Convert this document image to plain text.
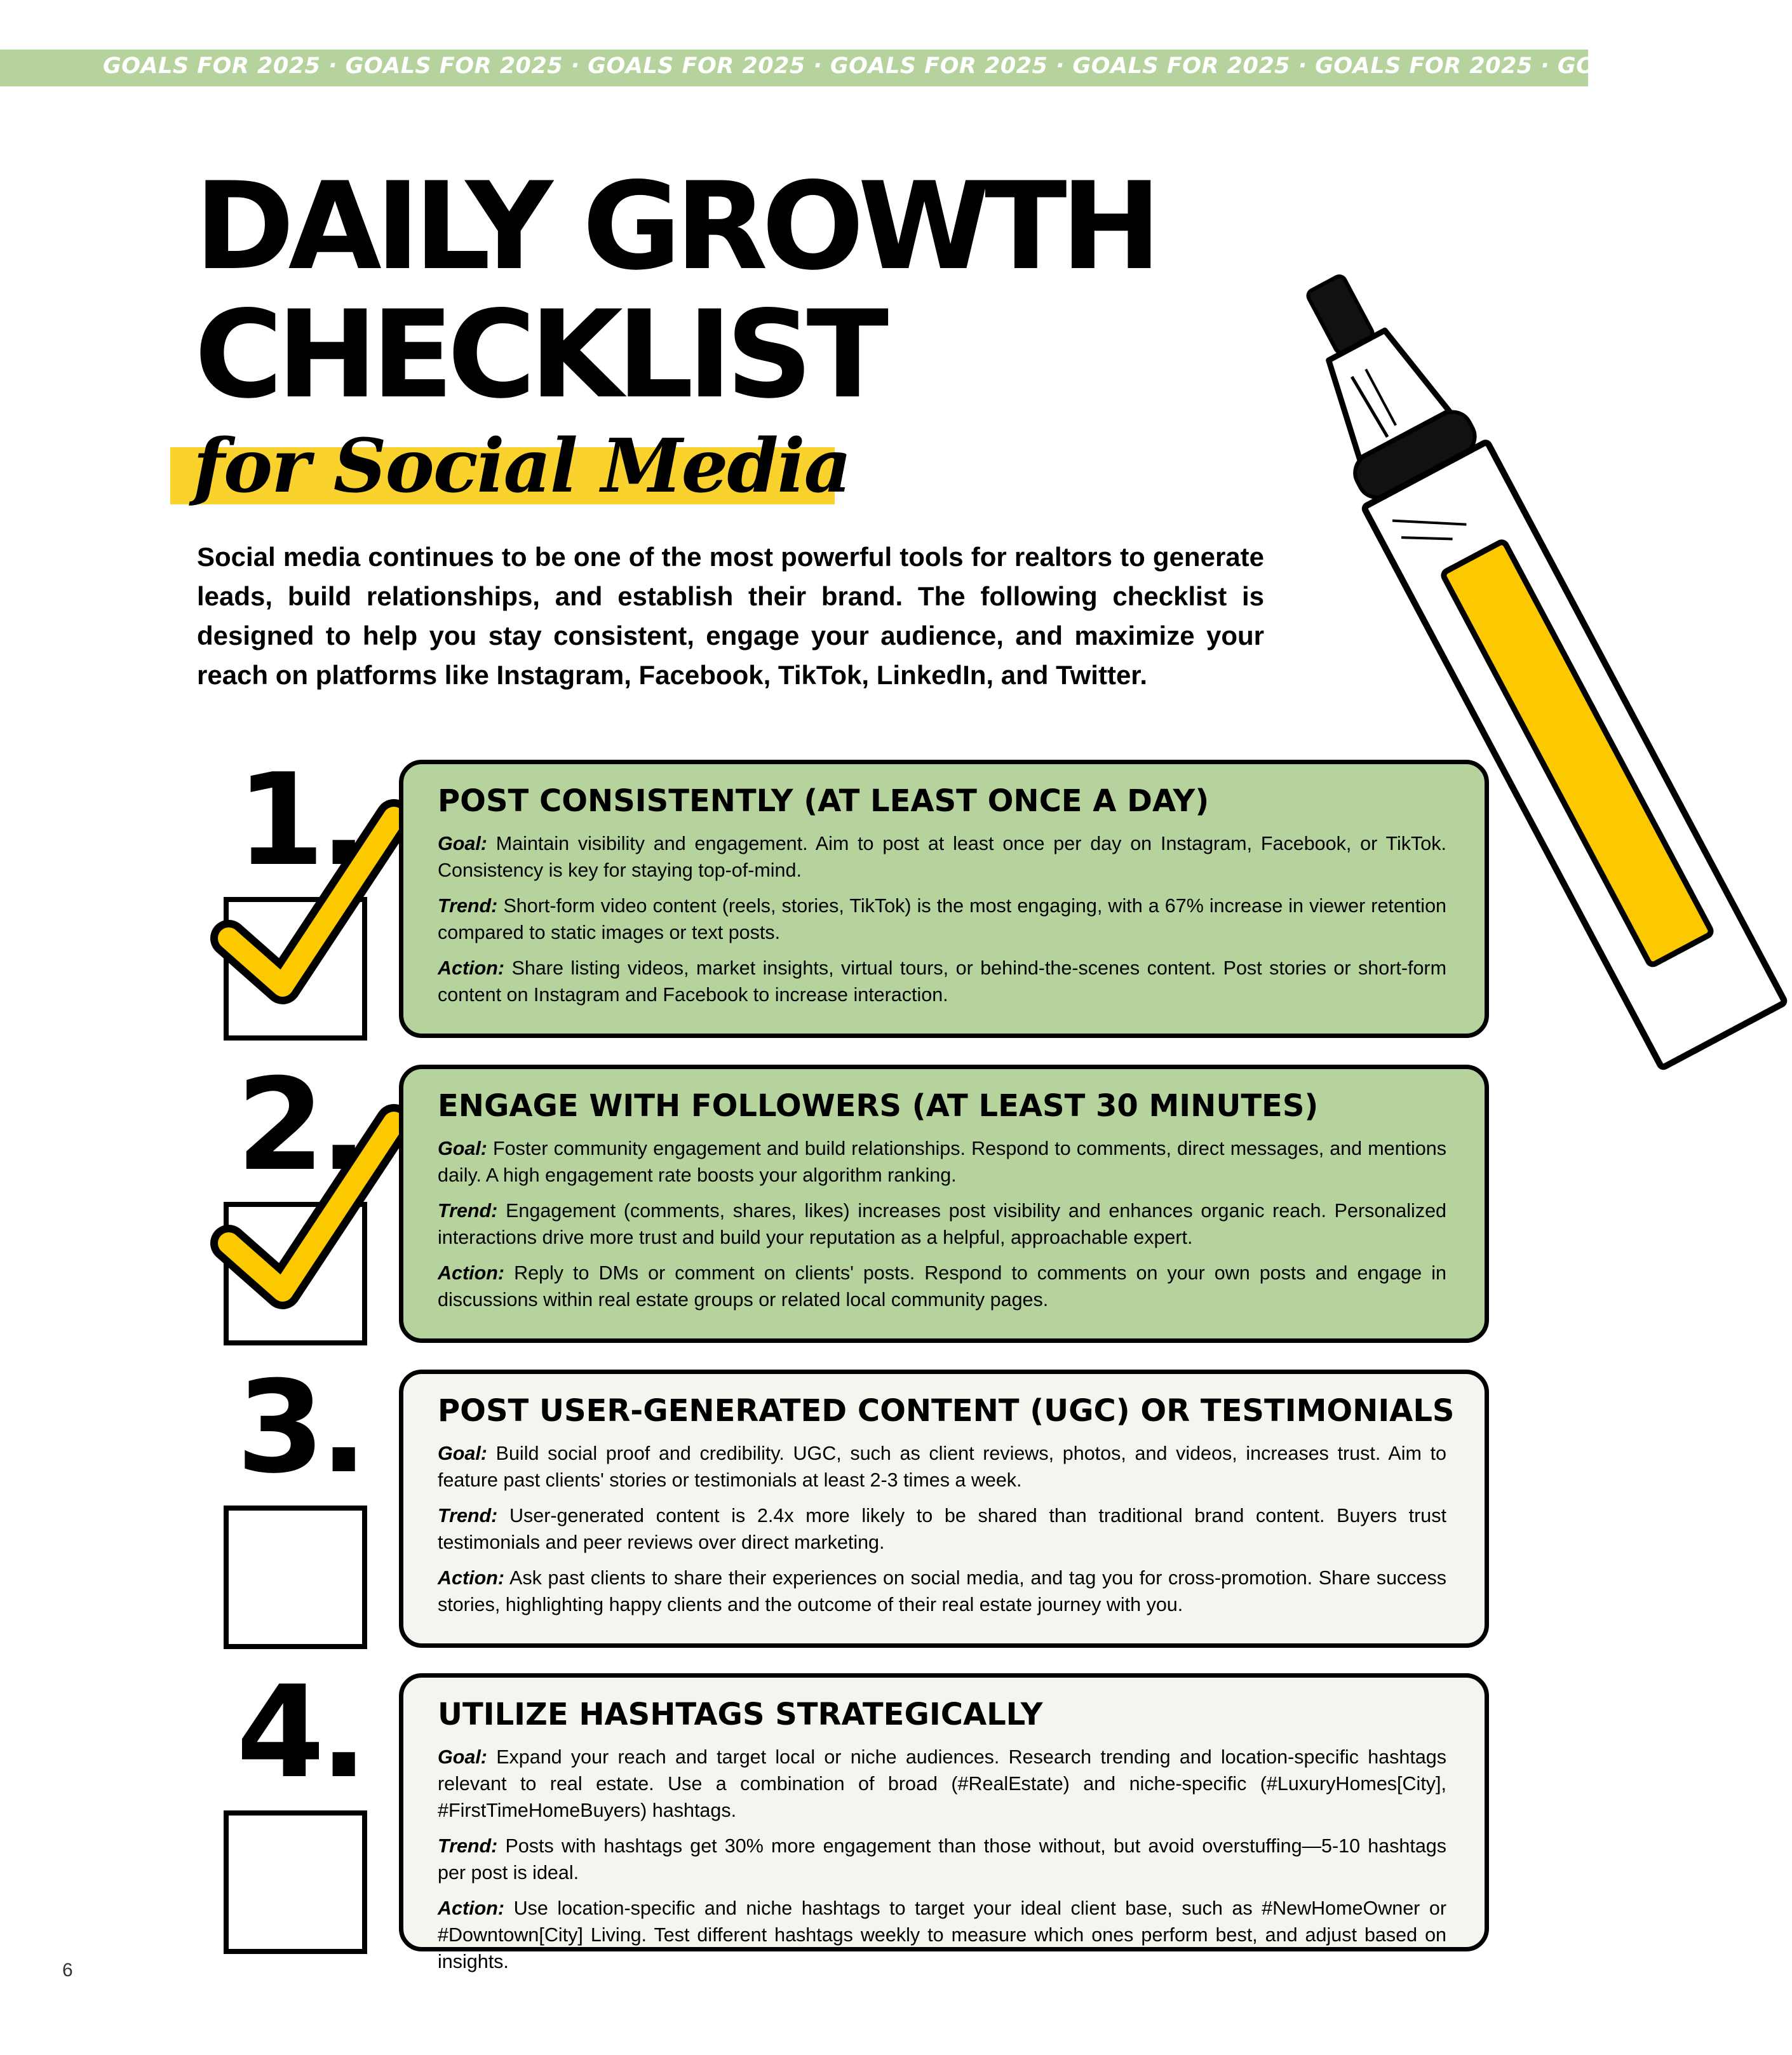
GOALS FOR 2025 · GOALS FOR 2025 · GOALS FOR 2025 · GOALS FOR 2025 · GOALS FOR 2025 · GOALS FOR 2025 · GOALS FOR 2025 ·
DAILY GROWTH
CHECKLIST
for Social Media

Social media continues to be one of the most powerful tools for realtors to generate leads, build relationships, and establish their brand. The following checklist is designed to help you stay consistent, engage your audience, and maximize your reach on platforms like Instagram, Facebook, TikTok, LinkedIn, and Twitter.

1.
2.
3.
4.
POST CONSISTENTLY (AT LEAST ONCE A DAY)

Goal: Maintain visibility and engagement. Aim to post at least once per day on Instagram, Facebook, or TikTok. Consistency is key for staying top-of-mind.

Trend: Short-form video content (reels, stories, TikTok) is the most engaging, with a 67% increase in viewer retention compared to static images or text posts.

Action: Share listing videos, market insights, virtual tours, or behind-the-scenes content. Post stories or short-form content on Instagram and Facebook to increase interaction.

ENGAGE WITH FOLLOWERS (AT LEAST 30 MINUTES)

Goal: Foster community engagement and build relationships. Respond to comments, direct messages, and mentions daily. A high engagement rate boosts your algorithm ranking.

Trend: Engagement (comments, shares, likes) increases post visibility and enhances organic reach. Personalized interactions drive more trust and build your reputation as a helpful, approachable expert.

Action: Reply to DMs or comment on clients' posts. Respond to comments on your own posts and engage in discussions within real estate groups or related local community pages.

POST USER-GENERATED CONTENT (UGC) OR TESTIMONIALS

Goal: Build social proof and credibility. UGC, such as client reviews, photos, and videos, increases trust. Aim to feature past clients' stories or testimonials at least 2-3 times a week.

Trend: User-generated content is 2.4x more likely to be shared than traditional brand content. Buyers trust testimonials and peer reviews over direct marketing.

Action: Ask past clients to share their experiences on social media, and tag you for cross-promotion. Share success stories, highlighting happy clients and the outcome of their real estate journey with you.

UTILIZE HASHTAGS STRATEGICALLY

Goal: Expand your reach and target local or niche audiences. Research trending and location-specific hashtags relevant to real estate. Use a combination of broad (#RealEstate) and niche-specific (#LuxuryHomes[City], #FirstTimeHomeBuyers) hashtags.

Trend: Posts with hashtags get 30% more engagement than those without, but avoid overstuffing—5-10 hashtags per post is ideal.

Action: Use location-specific and niche hashtags to target your ideal client base, such as #NewHomeOwner or #Downtown[City] Living. Test different hashtags weekly to measure which ones perform best, and adjust based on insights.

6
